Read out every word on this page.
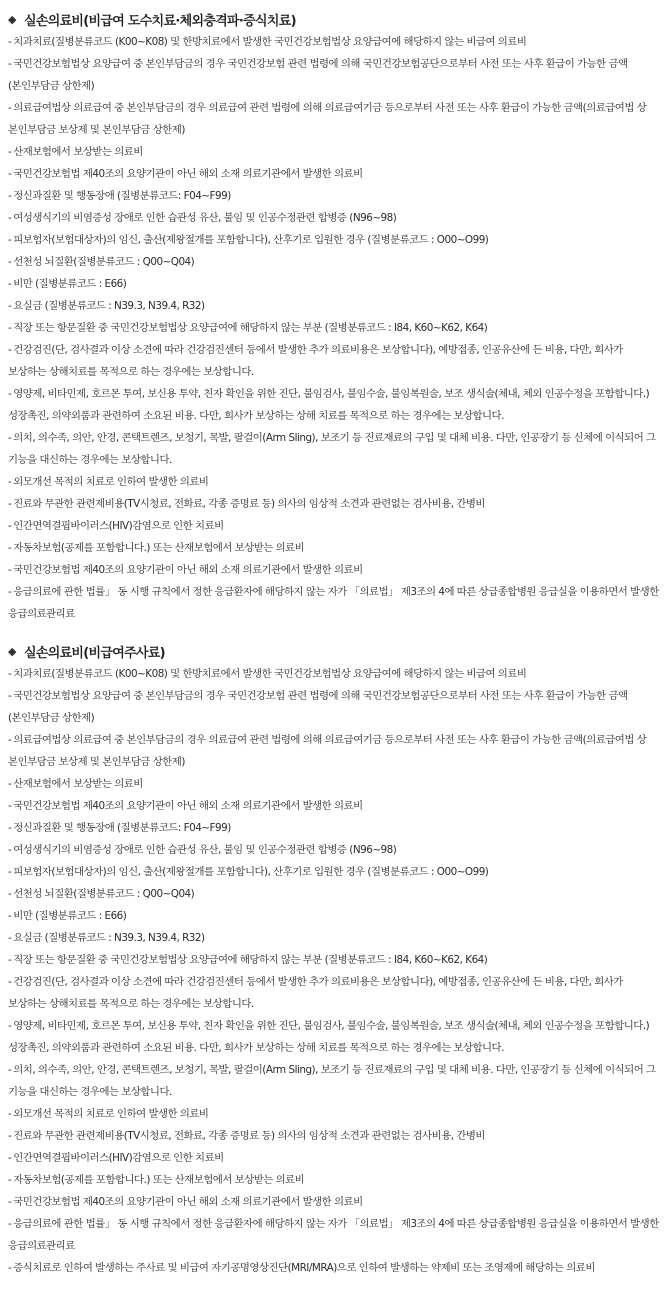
◆ 실손의료비(비급여 도수치료·체외충격파·증식치료)
- 치과치료(질병분류코드 (K00~K08) 및 한방치료에서 발생한 국민건강보험법상 요양급여에 해당하지 않는 비급여 의료비
- 국민건강보험법상 요양급여 중 본인부담금의 경우 국민건강보험 관련 법령에 의해 국민건강보험공단으로부터 사전 또는 사후 환급이 가능한 금액(본인부담금 상한제)
- 의료급여법상 의료급여 중 본인부담금의 경우 의료급여 관련 법령에 의해 의료급여기금 등으로부터 사전 또는 사후 환급이 가능한 금액(의료급여법 상 본인부담금 보상제 및 본인부담금 상한제)
- 산재보험에서 보상받는 의료비
- 국민건강보험법 제40조의 요양기관이 아닌 해외 소재 의료기관에서 발생한 의료비
- 정신과질환 및 행동장애 (질병분류코드: F04~F99)
- 여성생식기의 비염증성 장애로 인한 습관성 유산, 불임 및 인공수정관련 합병증 (N96~98)
- 피보험자(보험대상자)의 임신, 출산(제왕절개를 포함합니다), 산후기로 입원한 경우 (질병분류코드 : O00~O99)
- 선천성 뇌질환(질병분류코드 : Q00~Q04)
- 비만 (질병분류코드 : E66)
- 요실금 (질병분류코드 : N39.3, N39.4, R32)
- 직장 또는 항문질환 중 국민건강보험법상 요양급여에 해당하지 않는 부분 (질병분류코드 : I84, K60~K62, K64)
- 건강검진(단, 검사결과 이상 소견에 따라 건강검진센터 등에서 발생한 추가 의료비용은 보상합니다), 예방접종, 인공유산에 든 비용, 다만, 회사가 보상하는 상해치료를 목적으로 하는 경우에는 보상합니다.
- 영양제, 비타민제, 호르몬 투여, 보신용 투약, 친자 확인을 위한 진단, 불임검사, 불임수술, 불임복원술, 보조 생식술(체내, 체외 인공수정을 포함합니다.) 성장촉진, 의약외품과 관련하여 소요된 비용. 다만, 회사가 보상하는 상해 치료를 목적으로 하는 경우에는 보상합니다.
- 의치, 의수족, 의안, 안경, 콘택트렌즈, 보청기, 목발, 팔걸이(Arm Sling), 보조기 등 진료재료의 구입 및 대체 비용. 다만, 인공장기 등 신체에 이식되어 그 기능을 대신하는 경우에는 보상합니다.
- 외모개선 목적의 치료로 인하여 발생한 의료비
- 진료와 무관한 관련제비용(TV시청료, 전화료, 각종 증명료 등) 의사의 임상적 소견과 관련없는 검사비용, 간병비
- 인간면역결핍바이러스(HIV)감염으로 인한 치료비
- 자동차보험(공제를 포함합니다.) 또는 산재보험에서 보상받는 의료비
- 국민건강보험법 제40조의 요양기관이 아닌 해외 소재 의료기관에서 발생한 의료비
- 응급의료에 관한 법률」 동 시행 규칙에서 정한 응급환자에 해당하지 않는 자가 「의료법」 제3조의 4에 따른 상급종합병원 응급실을 이용하면서 발생한 응급의료관리료
◆ 실손의료비(비급여주사료)
- 치과치료(질병분류코드 (K00~K08) 및 한방치료에서 발생한 국민건강보험법상 요양급여에 해당하지 않는 비급여 의료비
- 국민건강보험법상 요양급여 중 본인부담금의 경우 국민건강보험 관련 법령에 의해 국민건강보험공단으로부터 사전 또는 사후 환급이 가능한 금액(본인부담금 상한제)
- 의료급여법상 의료급여 중 본인부담금의 경우 의료급여 관련 법령에 의해 의료급여기금 등으로부터 사전 또는 사후 환급이 가능한 금액(의료급여법 상 본인부담금 보상제 및 본인부담금 상한제)
- 산재보험에서 보상받는 의료비
- 국민건강보험법 제40조의 요양기관이 아닌 해외 소재 의료기관에서 발생한 의료비
- 정신과질환 및 행동장애 (질병분류코드: F04~F99)
- 여성생식기의 비염증성 장애로 인한 습관성 유산, 불임 및 인공수정관련 합병증 (N96~98)
- 피보험자(보험대상자)의 임신, 출산(제왕절개를 포함합니다), 산후기로 입원한 경우 (질병분류코드 : O00~O99)
- 선천성 뇌질환(질병분류코드 : Q00~Q04)
- 비만 (질병분류코드 : E66)
- 요실금 (질병분류코드 : N39.3, N39.4, R32)
- 직장 또는 항문질환 중 국민건강보험법상 요양급여에 해당하지 않는 부분 (질병분류코드 : I84, K60~K62, K64)
- 건강검진(단, 검사결과 이상 소견에 따라 건강검진센터 등에서 발생한 추가 의료비용은 보상합니다), 예방접종, 인공유산에 든 비용, 다만, 회사가 보상하는 상해치료를 목적으로 하는 경우에는 보상합니다.
- 영양제, 비타민제, 호르몬 투여, 보신용 투약, 친자 확인을 위한 진단, 불임검사, 불임수술, 불임복원술, 보조 생식술(체내, 체외 인공수정을 포함합니다.) 성장촉진, 의약외품과 관련하여 소요된 비용. 다만, 회사가 보상하는 상해 치료를 목적으로 하는 경우에는 보상합니다.
- 의치, 의수족, 의안, 안경, 콘택트렌즈, 보청기, 목발, 팔걸이(Arm Sling), 보조기 등 진료재료의 구입 및 대체 비용. 다만, 인공장기 등 신체에 이식되어 그 기능을 대신하는 경우에는 보상합니다.
- 외모개선 목적의 치료로 인하여 발생한 의료비
- 진료와 무관한 관련제비용(TV시청료, 전화료, 각종 증명료 등) 의사의 임상적 소견과 관련없는 검사비용, 간병비
- 인간면역결핍바이러스(HIV)감염으로 인한 치료비
- 자동차보험(공제를 포함합니다.) 또는 산재보험에서 보상받는 의료비
- 국민건강보험법 제40조의 요양기관이 아닌 해외 소재 의료기관에서 발생한 의료비
- 응급의료에 관한 법률」 동 시행 규칙에서 정한 응급환자에 해당하지 않는 자가 「의료법」 제3조의 4에 따른 상급종합병원 응급실을 이용하면서 발생한 응급의료관리료
- 증식치료로 인하여 발생하는 주사료 및 비급여 자기공명영상진단(MRI/MRA)으로 인하여 발생하는 약제비 또는 조영제에 해당하는 의료비
